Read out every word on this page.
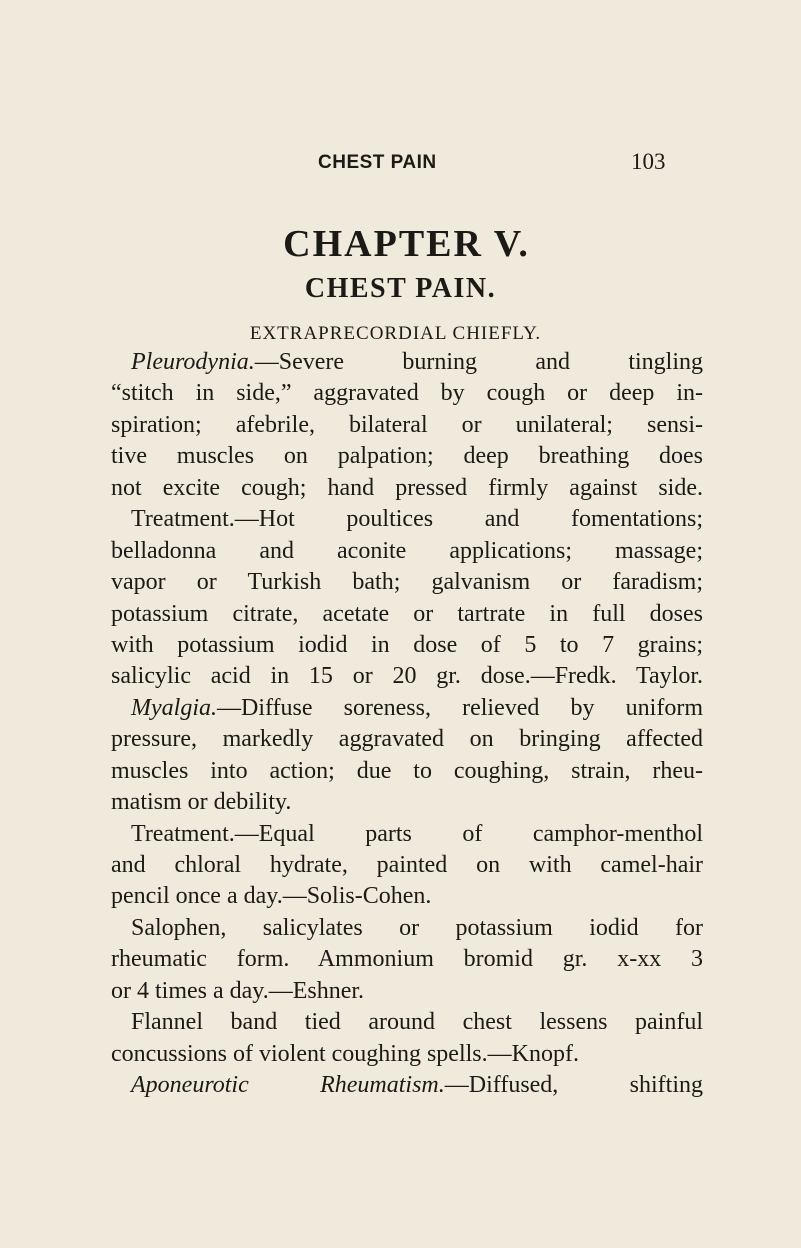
CHEST PAIN	103
CHAPTER V.
CHEST PAIN.
EXTRAPRECORDIAL CHIEFLY.
Pleurodynia.—Severe burning and tingling
“stitch in side,” aggravated by cough or deep in-
spiration; afebrile, bilateral or unilateral; sensi-
tive muscles on palpation; deep breathing does
not excite cough; hand pressed firmly against side.
Treatment.—Hot poultices and fomentations;
belladonna and aconite applications; massage;
vapor or Turkish bath; galvanism or faradism;
potassium citrate, acetate or tartrate in full doses
with potassium iodid in dose of 5 to 7 grains;
salicylic acid in 15 or 20 gr. dose.—Fredk. Taylor.
Myalgia.—Diffuse soreness, relieved by uniform
pressure, markedly aggravated on bringing affected
muscles into action; due to coughing, strain, rheu-
matism or debility.
Treatment.—Equal parts of camphor-menthol
and chloral hydrate, painted on with camel-hair
pencil once a day.—Solis-Cohen.
Salophen, salicylates or potassium iodid for
rheumatic form. Ammonium bromid gr. x-xx 3
or 4 times a day.—Eshner.
Flannel band tied around chest lessens painful
concussions of violent coughing spells.—Knopf.
Aponeurotic Rheumatism.—Diffused, shifting
